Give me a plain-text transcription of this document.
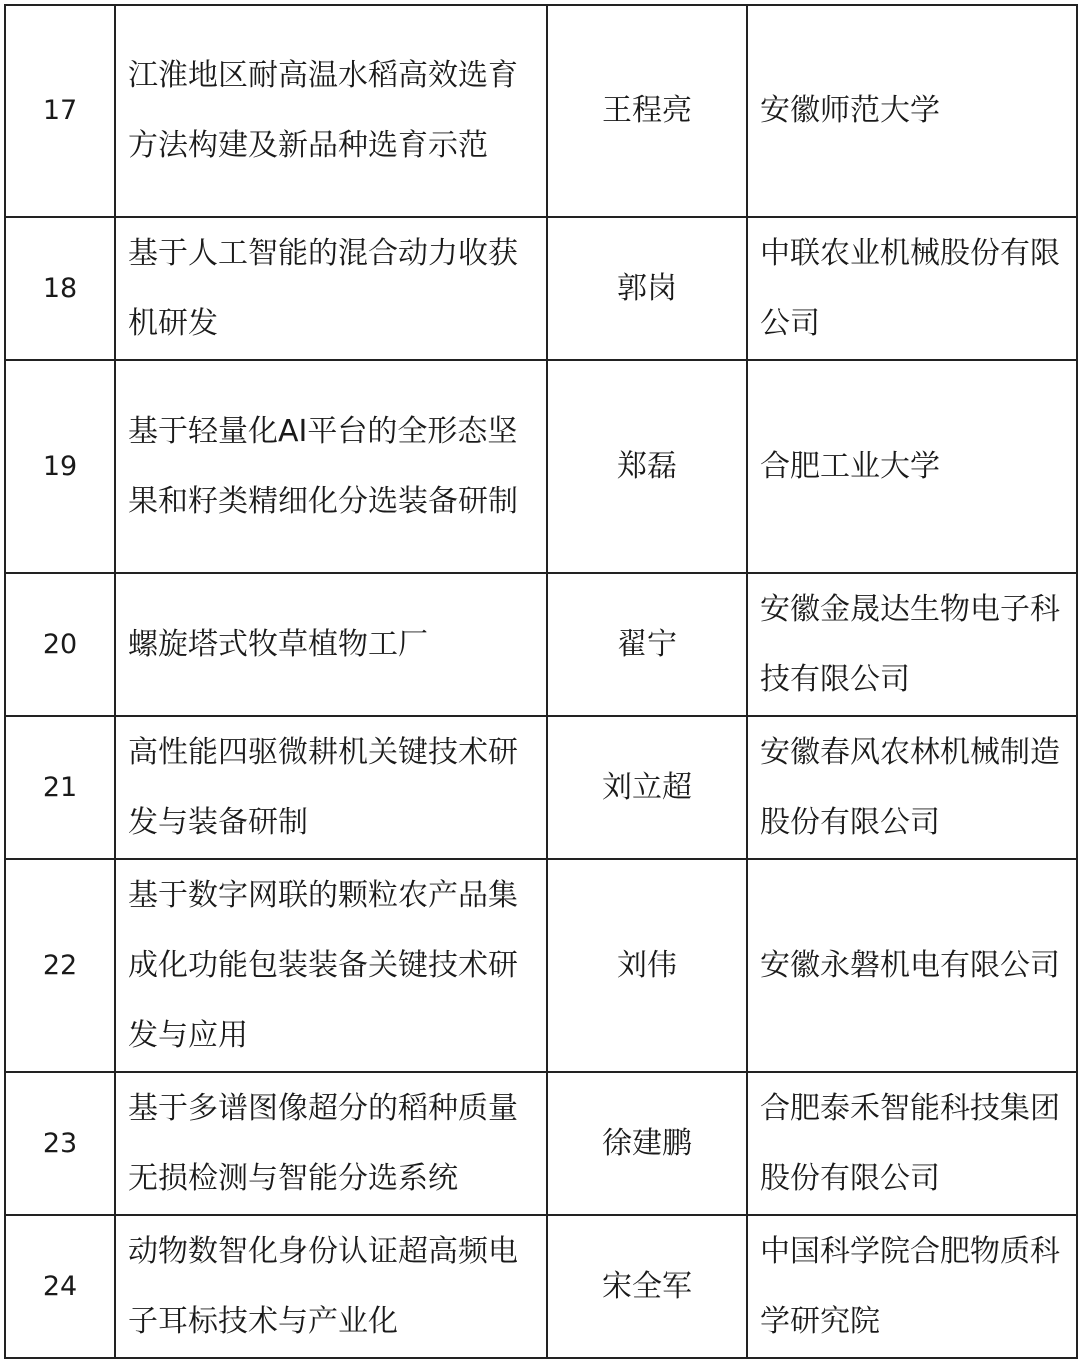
17	江淮地区耐高温水稻高效选育方法构建及新品种选育示范	王程亮	安徽师范大学
18	基于人工智能的混合动力收获机研发	郭岗	中联农业机械股份有限公司
19	基于轻量化AI平台的全形态坚果和籽类精细化分选装备研制	郑磊	合肥工业大学
20	螺旋塔式牧草植物工厂	翟宁	安徽金晟达生物电子科技有限公司
21	高性能四驱微耕机关键技术研发与装备研制	刘立超	安徽春风农林机械制造股份有限公司
22	基于数字网联的颗粒农产品集成化功能包装装备关键技术研发与应用	刘伟	安徽永磐机电有限公司
23	基于多谱图像超分的稻种质量无损检测与智能分选系统	徐建鹏	合肥泰禾智能科技集团股份有限公司
24	动物数智化身份认证超高频电子耳标技术与产业化	宋全军	中国科学院合肥物质科学研究院
